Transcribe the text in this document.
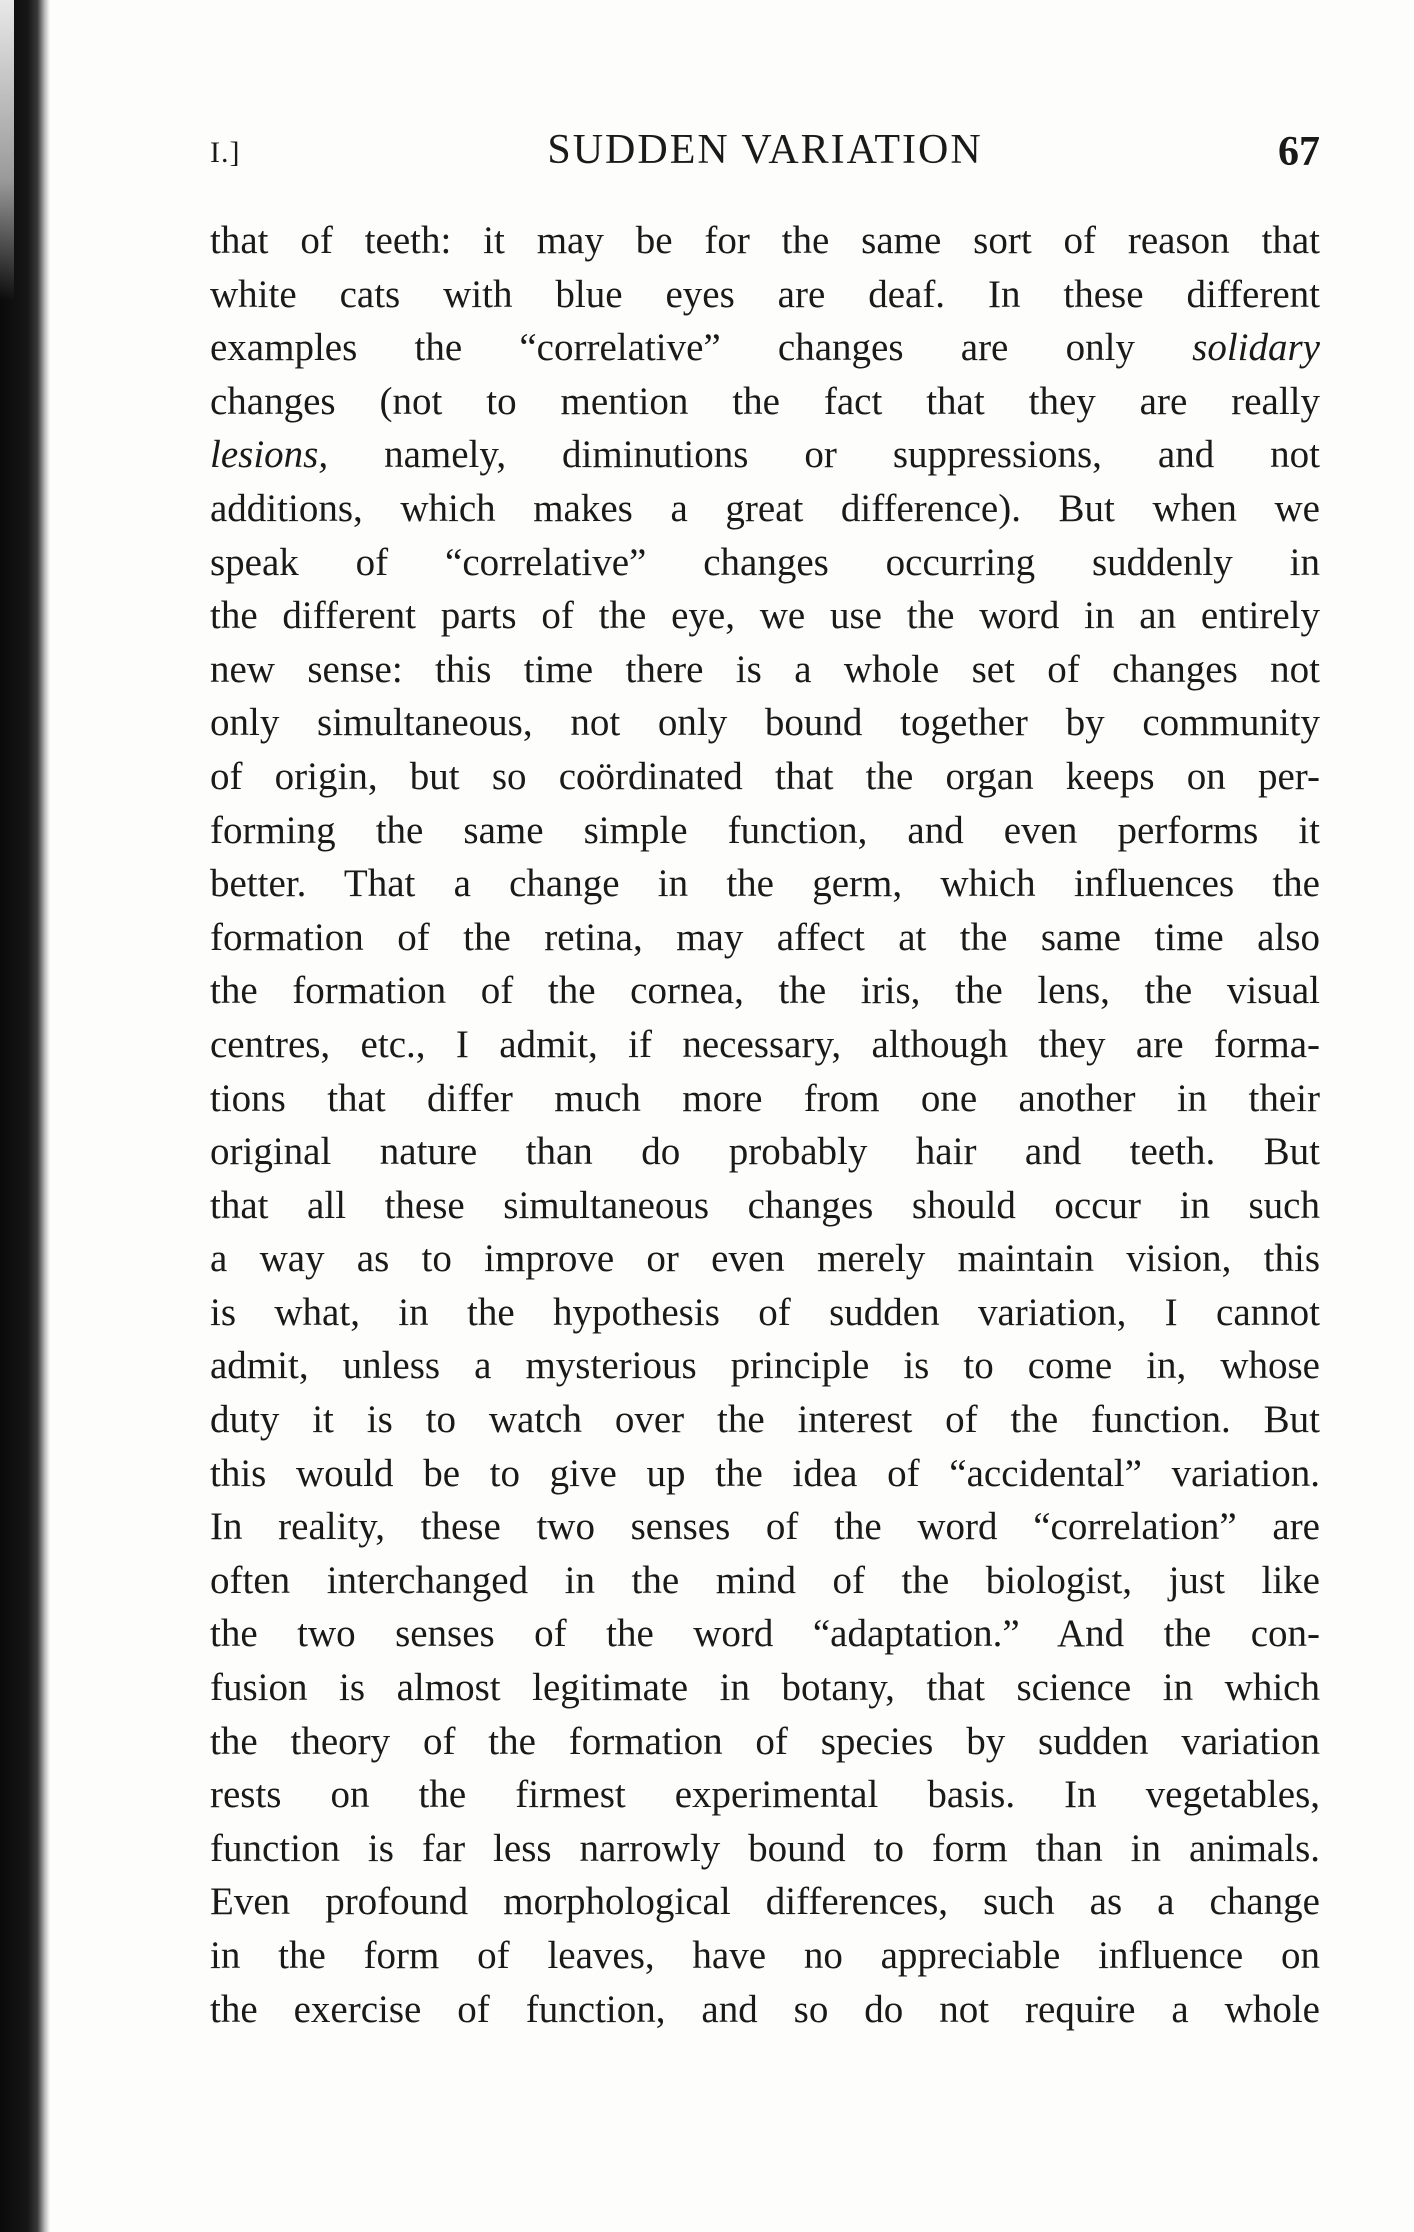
I.]	SUDDEN VARIATION	67
that of teeth: it may be for the same sort of reason that
white cats with blue eyes are deaf. In these different
examples the “correlative” changes are only solidary
changes (not to mention the fact that they are really
lesions, namely, diminutions or suppressions, and not
additions, which makes a great difference). But when we
speak of “correlative” changes occurring suddenly in
the different parts of the eye, we use the word in an entirely
new sense: this time there is a whole set of changes not
only simultaneous, not only bound together by community
of origin, but so coördinated that the organ keeps on per-
forming the same simple function, and even performs it
better. That a change in the germ, which influences the
formation of the retina, may affect at the same time also
the formation of the cornea, the iris, the lens, the visual
centres, etc., I admit, if necessary, although they are forma-
tions that differ much more from one another in their
original nature than do probably hair and teeth. But
that all these simultaneous changes should occur in such
a way as to improve or even merely maintain vision, this
is what, in the hypothesis of sudden variation, I cannot
admit, unless a mysterious principle is to come in, whose
duty it is to watch over the interest of the function. But
this would be to give up the idea of “accidental” variation.
In reality, these two senses of the word “correlation” are
often interchanged in the mind of the biologist, just like
the two senses of the word “adaptation.” And the con-
fusion is almost legitimate in botany, that science in which
the theory of the formation of species by sudden variation
rests on the firmest experimental basis. In vegetables,
function is far less narrowly bound to form than in animals.
Even profound morphological differences, such as a change
in the form of leaves, have no appreciable influence on
the exercise of function, and so do not require a whole
